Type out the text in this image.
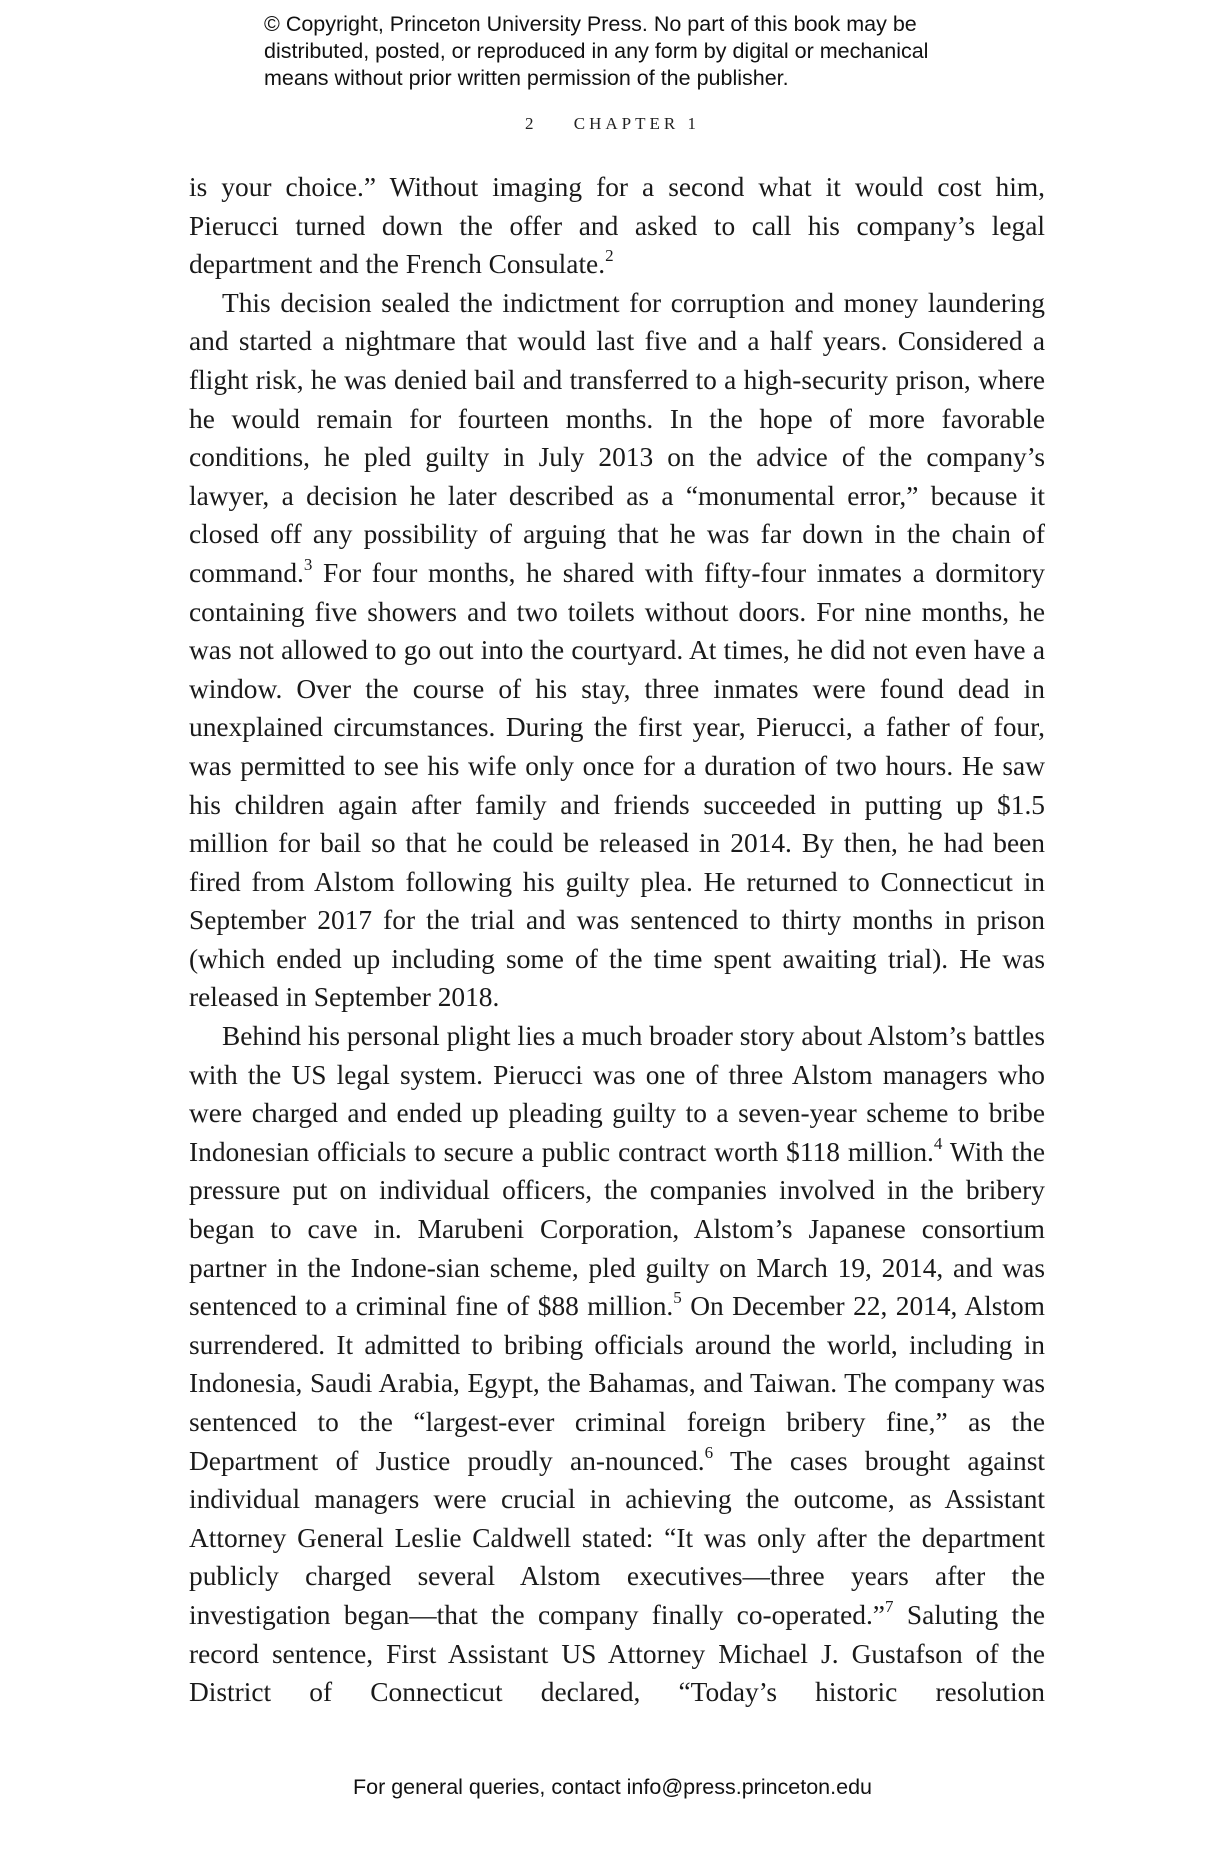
© Copyright, Princeton University Press. No part of this book may be
distributed, posted, or reproduced in any form by digital or mechanical
means without prior written permission of the publisher.
2 CHAPTER 1

is your choice.” Without imaging for a second what it would cost him, Pierucci turned down the offer and asked to call his company’s legal department and the French Consulate.$^2$

This decision sealed the indictment for corruption and money laundering and started a nightmare that would last five and a half years. Considered a flight risk, he was denied bail and transferred to a high-security prison, where he would remain for fourteen months. In the hope of more favorable conditions, he pled guilty in July 2013 on the advice of the company’s lawyer, a decision he later described as a “monumental error,” because it closed off any possibility of arguing that he was far down in the chain of command.$^3$ For four months, he shared with fifty-four inmates a dormitory containing five showers and two toilets without doors. For nine months, he was not allowed to go out into the courtyard. At times, he did not even have a window. Over the course of his stay, three inmates were found dead in unexplained circumstances. During the first year, Pierucci, a father of four, was permitted to see his wife only once for a duration of two hours. He saw his children again after family and friends succeeded in putting up $1.5 million for bail so that he could be released in 2014. By then, he had been fired from Alstom following his guilty plea. He returned to Connecticut in September 2017 for the trial and was sentenced to thirty months in prison (which ended up including some of the time spent awaiting trial). He was released in September 2018.

Behind his personal plight lies a much broader story about Alstom’s battles with the US legal system. Pierucci was one of three Alstom managers who were charged and ended up pleading guilty to a seven-year scheme to bribe Indonesian officials to secure a public contract worth $118 million.$^4$ With the pressure put on individual officers, the companies involved in the bribery began to cave in. Marubeni Corporation, Alstom’s Japanese consortium partner in the Indone-sian scheme, pled guilty on March 19, 2014, and was sentenced to a criminal fine of $88 million.$^5$ On December 22, 2014, Alstom surrendered. It admitted to bribing officials around the world, including in Indonesia, Saudi Arabia, Egypt, the Bahamas, and Taiwan. The company was sentenced to the “largest-ever criminal foreign bribery fine,” as the Department of Justice proudly an-nounced.$^6$ The cases brought against individual managers were crucial in achieving the outcome, as Assistant Attorney General Leslie Caldwell stated: “It was only after the department publicly charged several Alstom executives—three years after the investigation began—that the company finally co-operated.”$^7$ Saluting the record sentence, First Assistant US Attorney Michael J. Gustafson of the District of Connecticut declared, “Today’s historic resolution

For general queries, contact info@press.princeton.edu
